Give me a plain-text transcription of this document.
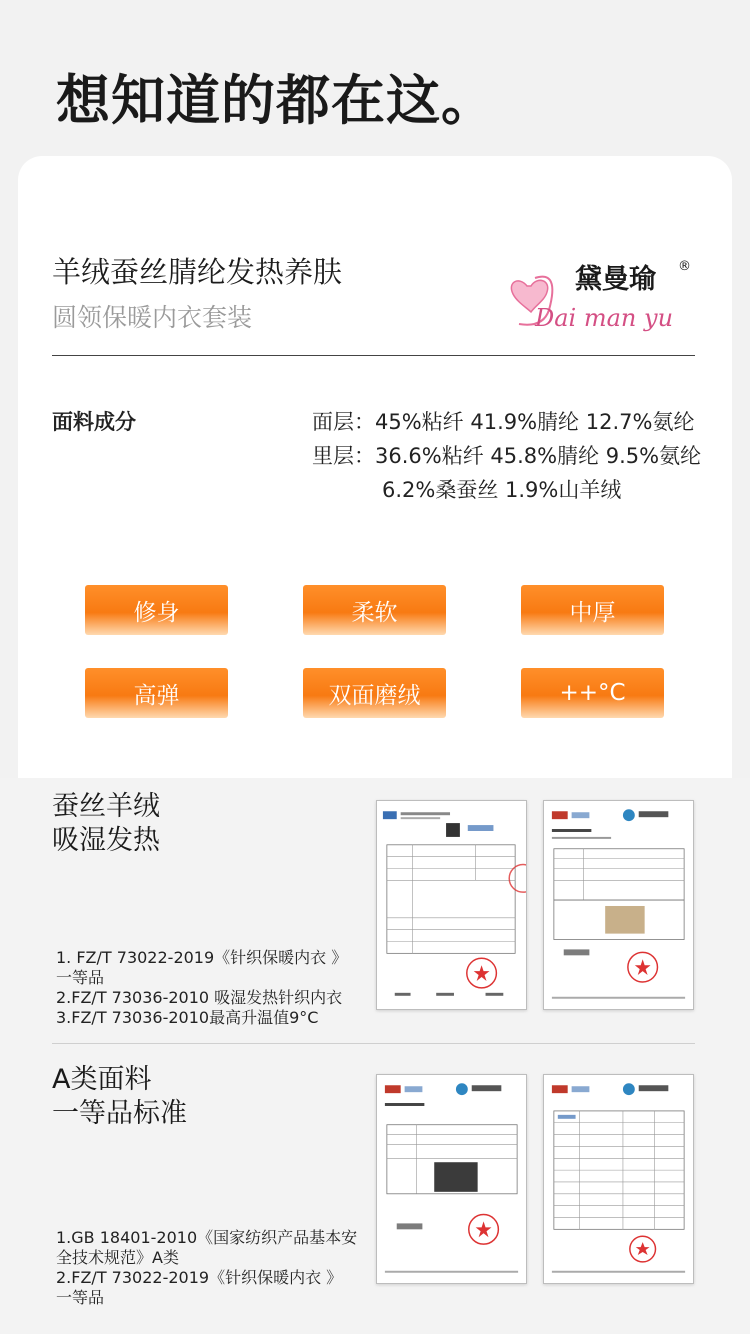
想知道的都在这。
羊绒蚕丝腈纶发热养肤
圆领保暖内衣套装
黛曼瑜 ®
Dai man yu
面料成分	面层：45%粘纤 41.9%腈纶 12.7%氨纶
里层：36.6%粘纤 45.8%腈纶 9.5%氨纶
6.2%桑蚕丝 1.9%山羊绒
修身	柔软	中厚
高弹	双面磨绒	++°C
蚕丝羊绒
吸湿发热
1. FZ/T 73022-2019《针织保暖内衣 》
一等品
2.FZ/T 73036-2010 吸湿发热针织内衣
3.FZ/T 73036-2010最高升温值9°C
A类面料
一等品标准
1.GB 18401-2010《国家纺织产品基本安
全技术规范》A类
2.FZ/T 73022-2019《针织保暖内衣 》
一等品
